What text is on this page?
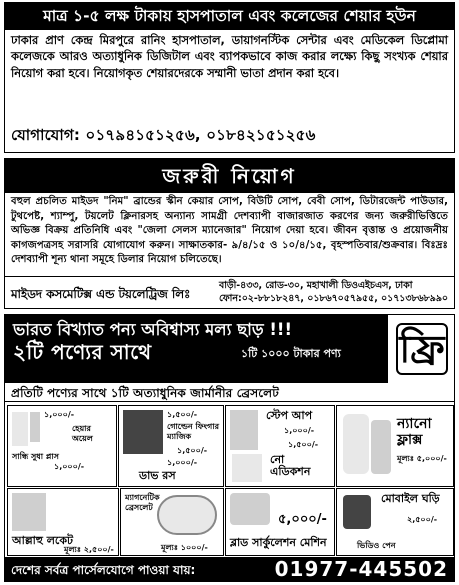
মাত্র ১-৫ লক্ষ টাকায় হাসপাতাল এবং কলেজের শেয়ার হউন
ঢাকার প্রাণ কেন্দ্র মিরপুরে রানিং হাসপাতাল, ডায়াগনস্টিক সেন্টার এবং মেডিকেল ডিপ্লোমা কলেজকে আরও অত্যাধুনিক ডিজিটাল এবং ব্যাপকভাবে কাজ করার লক্ষ্যে কিছু সংখ্যক শেয়ার নিয়োগ করা হবে। নিয়োগকৃত শেয়ারদেরকে সম্মানী ভাতা প্রদান করা হবে।
যোগাযোগ: ০১৭৯৪১৫১২৫৬, ০১৮৪২১৫১২৫৬
জরুরী নিয়োগ
বহুল প্রচলিত মাইডদ "নিম" ব্রান্ডের স্কীন কেয়ার সোপ, বিউটি সোপ, বেবী সোপ, ডিটারজেন্ট পাউডার, টুথপেষ্ট, শ্যাম্পু, টয়লেট ক্লিনারসহ অন্যান্য সামগ্রী দেশব্যাপী বাজারজাত করণের জন্য জরুরীভিত্তিতে অভিজ্ঞ বিক্রয় প্রতিনিধি এবং "জেলা সেলস ম্যানেজার" নিয়োগ দেয়া হবে। জীবন বৃত্তান্ত ও প্রয়োজনীয় কাগজপত্রসহ সরাসরি যোগাযোগ করুন। সাক্ষাতকার- ৯/৪/১৫ ও ১০/৪/১৫, বৃহস্পতিবার/শুক্রবার। বিঃদ্রঃ দেশব্যাপী শূন্য থানা সমূহে ডিলার নিয়োগ চলিতেছে।
মাইডদ কসমেটিক্স এন্ড টয়লেট্রিজ লিঃ
বাড়ী-৪৩৩, রোড-৩০, মহাখালী ডিওএইচএস, ঢাকা
ফোন:০২-৮৮১৮২৪৭, ০১৮৬৭০৫৭৯৫৫, ০১৭১৩৮৬৮৯৯০
ভারত বিখ্যাত পন্য অবিশ্বাস্য মল্য ছাড় !!!
২টি পণ্যের সাথে	১টি ১০০০ টাকার পণ্য ফ্রি
প্রতিটি পণ্যের সাথে ১টি অত্যাধুনিক জার্মানীর ব্রেসলেট
১,০০০/-
সান্ধি সুধা প্লাস
১,০০০/-
হেয়ার অয়েল
১,৫০০/-
গোল্ডেন ফিংগার ম্যাজিক
১,৫০০/-
১,০০০/-
ডাভ রস
স্টেপ আপ
১,০০০/-
নো এডিকশন
১,৫০০/-
ন্যানো ফ্লাক্স
মূল্যঃ ৫,০০০/-
আল্লাহু লকেট
মূল্যঃ ২,৫০০/-
ম্যাগনেটিক ব্রেসলেট
মূল্যঃ ১০০০/-
৫,০০০/-
ব্লাড সার্কুলেশন মেশিন
মোবাইল ঘড়ি
২,৫০০/-
ভিডিও পেন
দেশের সর্বত্র পার্সেলযোগে পাওয়া যায়:	01977-445502
